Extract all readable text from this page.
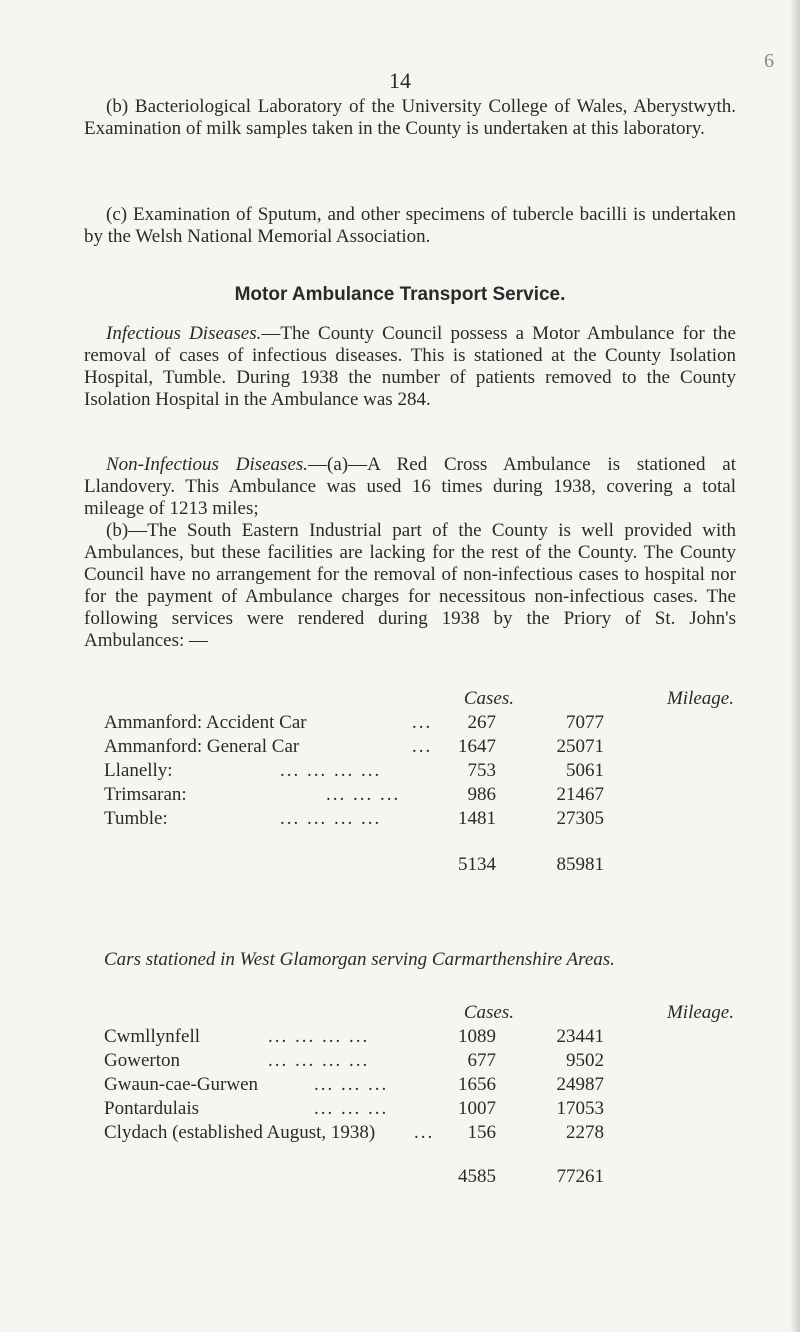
6
14

(b) Bacteriological Laboratory of the University College of Wales, Aberystwyth. Examination of milk samples taken in the County is undertaken at this laboratory.

(c) Examination of Sputum, and other specimens of tubercle bacilli is undertaken by the Welsh National Memorial Association.

Motor Ambulance Transport Service.

Infectious Diseases.—The County Council possess a Motor Ambulance for the removal of cases of infectious diseases. This is stationed at the County Isolation Hospital, Tumble. During 1938 the number of patients removed to the County Isolation Hospital in the Ambulance was 284.

Non-Infectious Diseases.—(a)—A Red Cross Ambulance is stationed at Llandovery. This Ambulance was used 16 times during 1938, covering a total mileage of 1213 miles;

(b)—The South Eastern Industrial part of the County is well provided with Ambulances, but these facilities are lacking for the rest of the County. The County Council have no arrangement for the removal of non-infectious cases to hospital nor for the payment of Ambulance charges for necessitous non-infectious cases. The following services were rendered during 1938 by the Priory of St. John's Ambulances: —

Cases.	Mileage.
Ammanford: Accident Car	...	267	7077
Ammanford: General Car	...	1647	25071
Llanelly:	... ... ... ...	753	5061
Trimsaran:	... ... ...	986	21467
Tumble:	... ... ... ...	1481	27305
5134	85981

Cars stationed in West Glamorgan serving Carmarthenshire Areas.

Cases.	Mileage.
Cwmllynfell	... ... ... ...	1089	23441
Gowerton	... ... ... ...	677	9502
Gwaun-cae-Gurwen	... ... ...	1656	24987
Pontardulais	... ... ...	1007	17053
Clydach (established August, 1938) ...	156	2278
4585	77261
